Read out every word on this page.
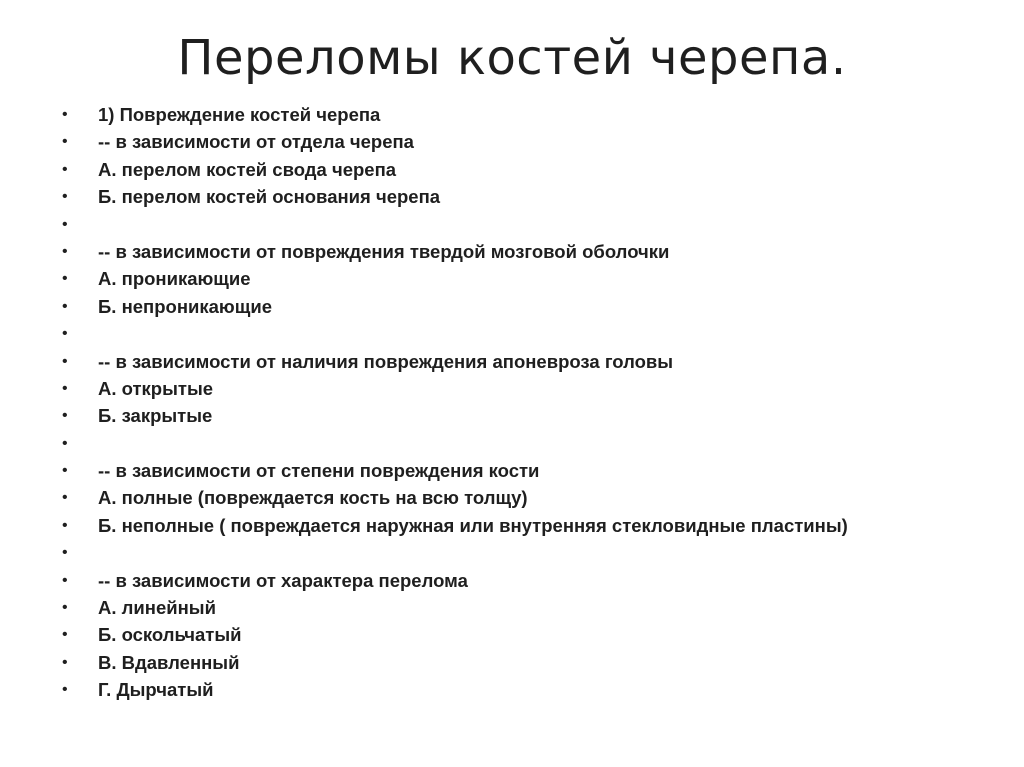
Переломы костей черепа.
• 1) Повреждение костей черепа
• -- в зависимости от отдела черепа
• А. перелом костей свода черепа
• Б. перелом костей основания черепа
•
• -- в зависимости от повреждения твердой мозговой оболочки
• А. проникающие
• Б. непроникающие
•
• -- в зависимости от наличия повреждения апоневроза головы
• А. открытые
• Б. закрытые
•
• -- в зависимости от степени повреждения кости
• А. полные (повреждается кость на всю толщу)
• Б. неполные ( повреждается наружная или внутренняя стекловидные пластины)
•
• -- в зависимости от характера перелома
• А. линейный
• Б. оскольчатый
• В. Вдавленный
• Г. Дырчатый
